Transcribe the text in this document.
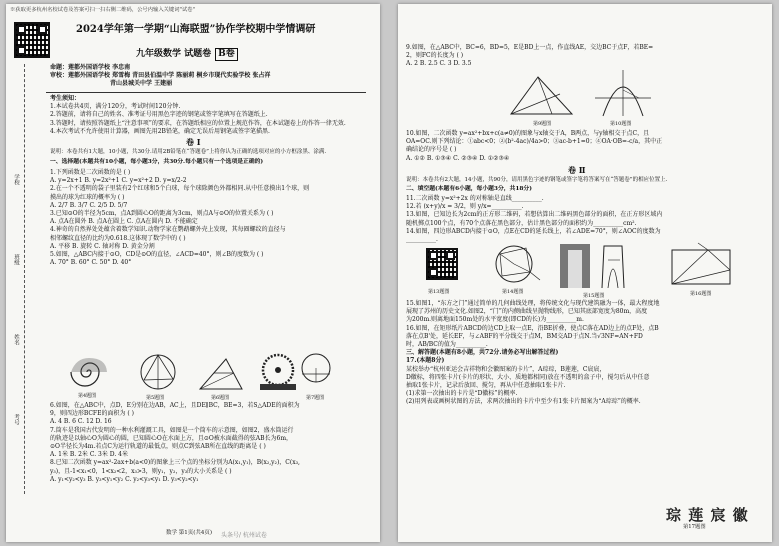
※获取更多杭州名校试卷及答案可扫一扫右侧二维码，公号内输入关键词"试卷"
2024学年第一学期“山海联盟”协作学校期中学情调研
九年级数学 试题卷 B卷
命题：莲都外国语学校 李忠南
审校：莲都外国语学校 郑雪梅 青田县伯温中学 陈丽莉 桐乡市现代实验学校 张占祥
青山县城关中学 王建丽
考生须知：
1.本试卷共4页，满分120分，考试时间120分钟.
2.答题前，请将自己的姓名、准考证号用黑色字迹的钢笔或签字笔填写在答题纸上.
3.答题时，请按照答题纸上“注意事项”的要求，在答题纸相应的位置上规范作答，在本试题卷上的作答一律无效.
4.本次考试不允许使用计算器，画图先用2B铅笔，确定无误后用钢笔或签字笔描黑.
卷 Ⅰ
说明：本卷共有1大题，10小题，共30分.请用2B铅笔在“答题卷”上将你认为正确的选项对应的小方框涂黑、涂满.
一、选择题(本题共有10小题，每小题3分，共30分.每小题只有一个选项是正确的)
1.下列函数是二次函数的是 ( )
A. y=2x+1 B. y=2x²+1 C. y=x²+2 D. y=x/2-2
2.在一个不透明的袋子里装有2个红球和5个白球，每个球除颜色外都相同.从中任意摸出1个球，则
摸出的球为红球的概率为 ( )
A. 2/7 B. 3/7 C. 2/5 D. 5/7
3.已知⊙O的半径为5cm，点A到圆心O的距离为3cm，则点A与⊙O的位置关系为 ( )
A. 点A在圆外 B. 点A在圆上 C. 点A在圆内 D. 不能确定
4.神奇的自然界处处蕴含着数学知识.动物学家在鹦鹉螺外壳上发现，其每圈螺纹的直径与
相邻螺纹直径的比约为0.618.这体现了数学中的 ( )
A. 平移 B. 旋转 C. 轴对称 D. 黄金分割
5.如图，△ABC内接于⊙O，CD是⊙O的直径，∠ACD=40°，则∠B的度数为 ( )
A. 70° B. 60° C. 50° D. 40°
第4题图	第5题图	第6题图	第7题图
6.如图，在△ABC中，点D，E分别在边AB，AC上，且DE∥BC，BE=3，若S△ADE的面积为
9，则四边形BCFE的面积为 ( )
A. 4 B. 6 C. 12 D. 16
7.筒车是我国古代发明的一种水利灌溉工具，如图是一个筒车的示意图，如图2，盛水筒运行
的轨迹是以轴心O为圆心的圆，已知圆心O在水面上方，且⊙O被水面截得的弦AB长为6m，
⊙O半径长为4m.若点C为运行轨道的最低点，则点C到弦AB所在直线的距离是 ( )
A. 1米 B. 2米 C. 3米 D. 4米
8.已知二次函数 y=ax²-2ax+b(a<0)的图象上三个点的坐标分别为A(x₁,y₁)，B(x₂,y₂)，C(x₃,
y₃)，且-1<x₁<0，1<x₂<2，x₃>3，则y₁，y₂，y₃的大小关系是 ( )
A. y₁<y₂<y₃ B. y₃<y₁<y₂ C. y₂<y₃<y₁ D. y₃<y₂<y₁
数学 第1页(共4页) 头条号/ 杭州试卷
学校
班级
姓名
考号
9.如图，在△ABC中，BC=6，BD=5，E是BD上一点，作直线AE，交边BC于点F，若BE=
2，则FC的长度为 ( )
A. 2 B. 2.5 C. 3 D. 3.5
第9题图	第10题图
10.如图，二次函数 y=ax²+bx+c(a≠0)的图象与x轴交于A，B两点，与y轴相交于点C，且
OA=OC.则下列结论：①abc<0；②(b²-4ac)/4a>0；③ac-b+1=0；④OA·OB=-c/a，其中正
确结论的序号是 ( )
A. ①② B. ①③④ C. ②③④ D. ①②③④
卷 Ⅱ
说明：本卷共有2大题，14小题，共90分，请用黑色字迹的钢笔或签字笔将答案写在“答题卷”的相应位置上.
二、填空题(本题有6小题，每小题3分，共18分)
11.二次函数 y=x²+2x 的对称轴是直线__________.
12.若 (x+y)/x = 3/2，则 y/x=__________.
13.如图，已知边长为2cm的正方形二维码，若想估算出二维码黑色部分的面积，在正方形区域内
随机掷点100个点，有70个点落在黑色部分，估计黑色部分的面积约为__________cm².
14.如图，四边形ABCD内接于⊙O，点E在CD的延长线上，若∠ADE=70°，则∠AOC的度数为
__________.
第13题图	第14题图
第15题图	第16题图
15.如图1，“东方之门”通过简单的几何曲线处理，将传统文化与现代建筑融为一体，最大程度地
展现了苏州的历史文化.如图2，“门”的内侧曲线呈抛物线形，已知其底部宽度为80m，高度
为200m.则离地面150m处的水平宽度(即CD的长)为__________m.
16.如图，在矩形纸片ABCD的边CD上取一点E，沿BE折叠，使点C落在AD边上的点F处，点B
落在点B'处，延长EF，与∠ABF的平分线交于点M，BM交AD于点N.当√3NF=AN+FD
时，AB/BC的值为__________.
三、解答题(本题有8小题，共72分.请务必写出解答过程)
17.(本题8分)
某校举办“杭州亚运会吉祥物和会徽图案的卡片”，A琮琮，B莲莲，C宸宸，
D徽标，将四张卡片(卡片的形状、大小、质地都相同)放在不透明的盒子中，搅匀后从中任意
抽取1张卡片，记录后放回、搅匀，再从中任意抽取1张卡片.
(1)求第一次抽出的卡片是“D徽标”的概率.
(2)用列表或画树状图的方法，求两次抽出的卡片中至少有1张卡片图案为“A琮琮”的概率.
琮 莲 宸 徽
第17题图
